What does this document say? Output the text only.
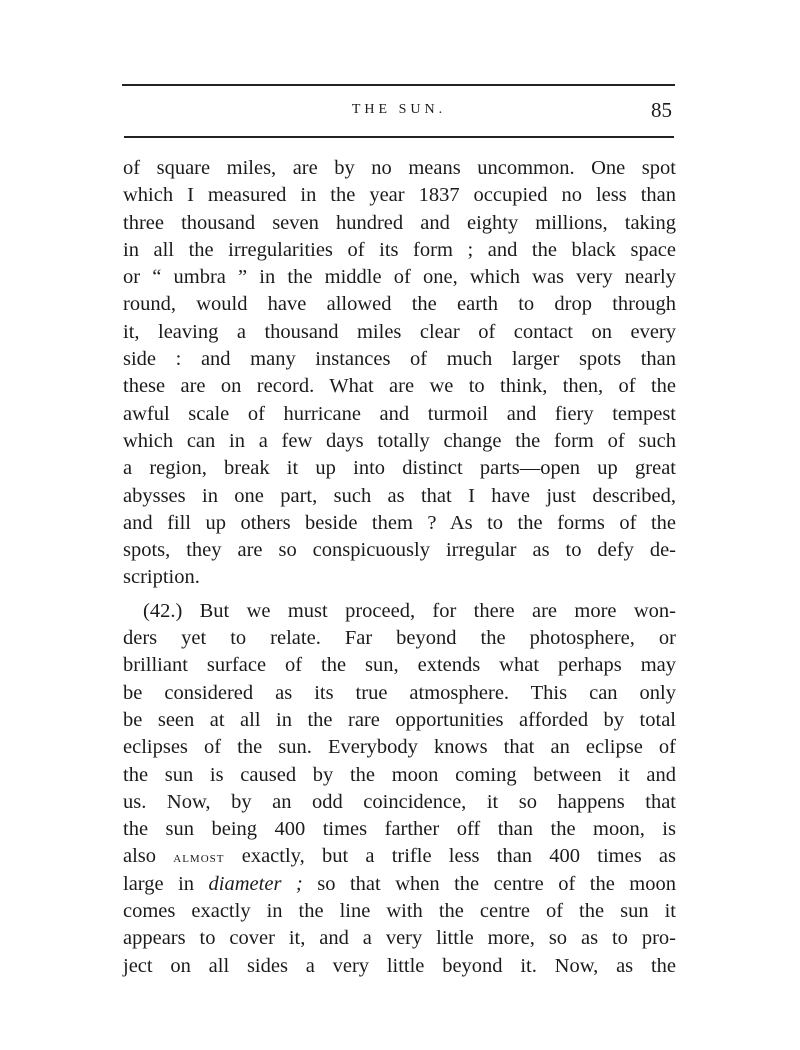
THE SUN.	85
of square miles, are by no means uncommon. One spot
which I measured in the year 1837 occupied no less than
three thousand seven hundred and eighty millions, taking
in all the irregularities of its form ; and the black space
or “ umbra ” in the middle of one, which was very nearly
round, would have allowed the earth to drop through
it, leaving a thousand miles clear of contact on every
side : and many instances of much larger spots than
these are on record. What are we to think, then, of the
awful scale of hurricane and turmoil and fiery tempest
which can in a few days totally change the form of such
a region, break it up into distinct parts—open up great
abysses in one part, such as that I have just described,
and fill up others beside them ? As to the forms of the
spots, they are so conspicuously irregular as to defy de-
scription.
(42.) But we must proceed, for there are more won-
ders yet to relate. Far beyond the photosphere, or
brilliant surface of the sun, extends what perhaps may
be considered as its true atmosphere. This can only
be seen at all in the rare opportunities afforded by total
eclipses of the sun. Everybody knows that an eclipse of
the sun is caused by the moon coming between it and
us. Now, by an odd coincidence, it so happens that
the sun being 400 times farther off than the moon, is
also almost exactly, but a trifle less than 400 times as
large in diameter ; so that when the centre of the moon
comes exactly in the line with the centre of the sun it
appears to cover it, and a very little more, so as to pro-
ject on all sides a very little beyond it. Now, as the
